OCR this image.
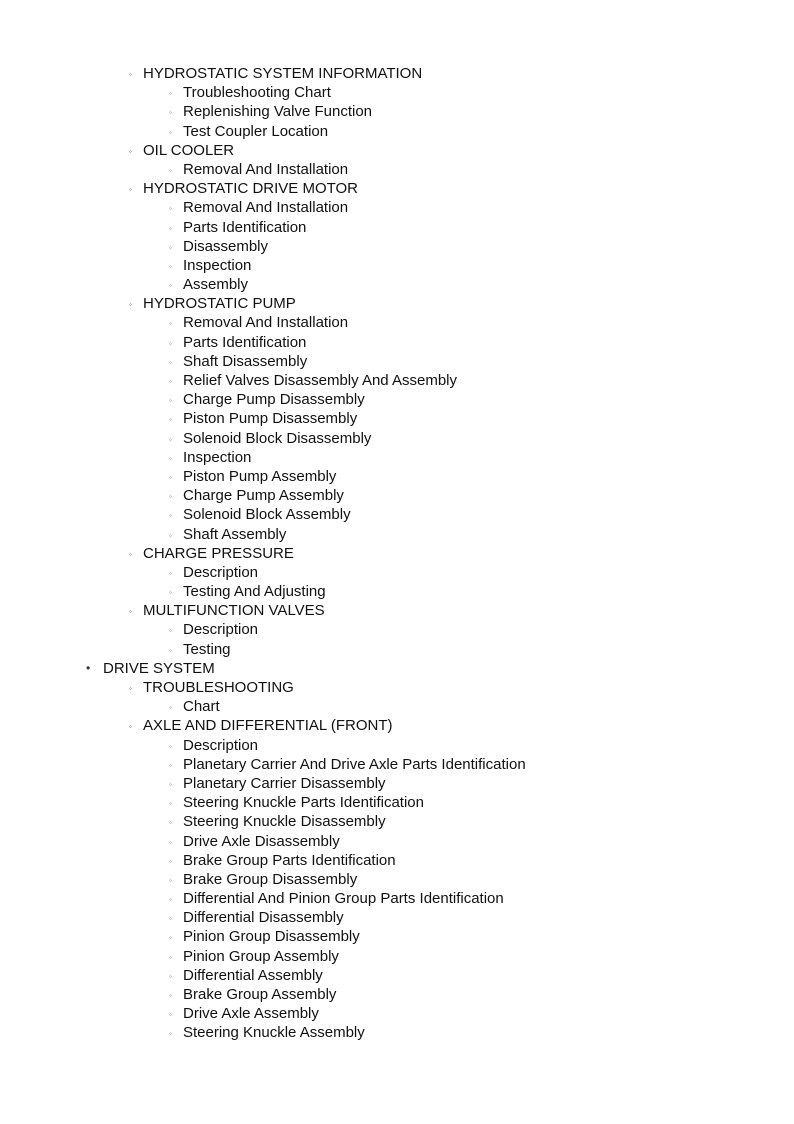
◦ HYDROSTATIC SYSTEM INFORMATION
◦ Troubleshooting Chart
◦ Replenishing Valve Function
◦ Test Coupler Location
◦ OIL COOLER
◦ Removal And Installation
◦ HYDROSTATIC DRIVE MOTOR
◦ Removal And Installation
◦ Parts Identification
◦ Disassembly
◦ Inspection
◦ Assembly
◦ HYDROSTATIC PUMP
◦ Removal And Installation
◦ Parts Identification
◦ Shaft Disassembly
◦ Relief Valves Disassembly And Assembly
◦ Charge Pump Disassembly
◦ Piston Pump Disassembly
◦ Solenoid Block Disassembly
◦ Inspection
◦ Piston Pump Assembly
◦ Charge Pump Assembly
◦ Solenoid Block Assembly
◦ Shaft Assembly
◦ CHARGE PRESSURE
◦ Description
◦ Testing And Adjusting
◦ MULTIFUNCTION VALVES
◦ Description
◦ Testing
• DRIVE SYSTEM
◦ TROUBLESHOOTING
◦ Chart
◦ AXLE AND DIFFERENTIAL (FRONT)
◦ Description
◦ Planetary Carrier And Drive Axle Parts Identification
◦ Planetary Carrier Disassembly
◦ Steering Knuckle Parts Identification
◦ Steering Knuckle Disassembly
◦ Drive Axle Disassembly
◦ Brake Group Parts Identification
◦ Brake Group Disassembly
◦ Differential And Pinion Group Parts Identification
◦ Differential Disassembly
◦ Pinion Group Disassembly
◦ Pinion Group Assembly
◦ Differential Assembly
◦ Brake Group Assembly
◦ Drive Axle Assembly
◦ Steering Knuckle Assembly
